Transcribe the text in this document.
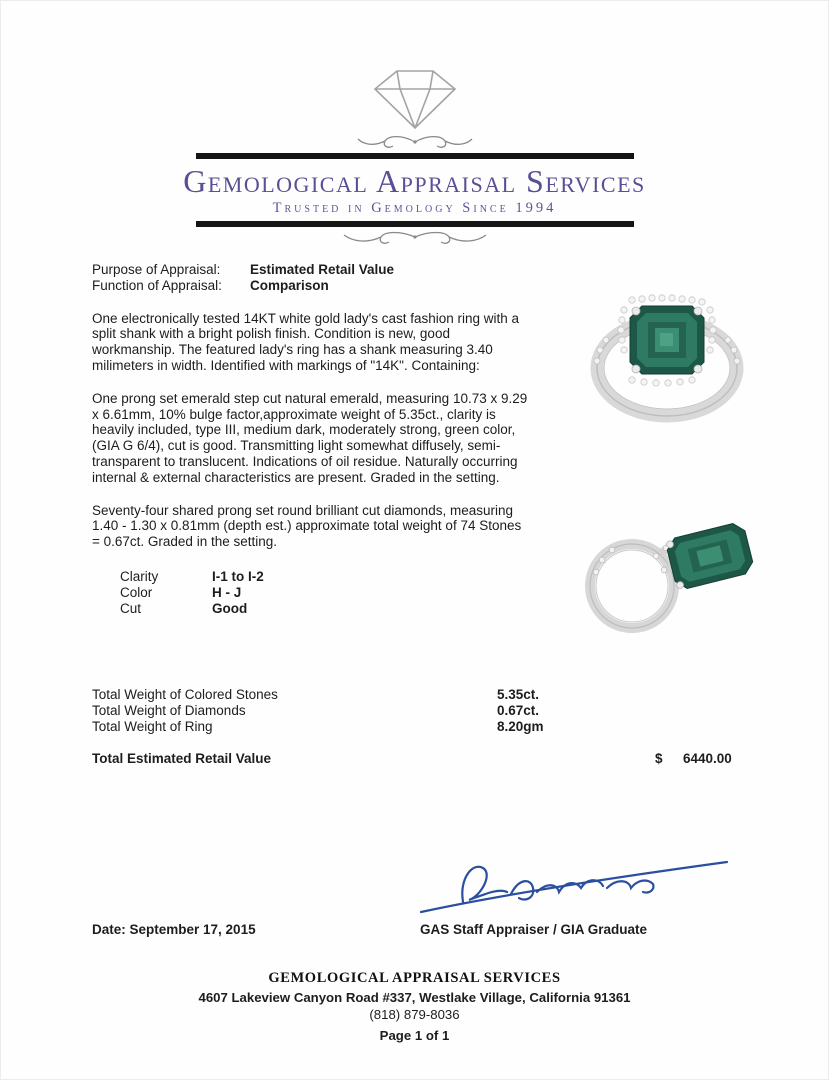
Gemological Appraisal Services
Trusted in Gemology Since 1994
Purpose of Appraisal:	Estimated Retail Value
Function of Appraisal:	Comparison

One electronically tested 14KT white gold lady's cast fashion ring with a split shank with a bright polish finish. Condition is new, good workmanship. The featured lady's ring has a shank measuring 3.40 milimeters in width. Identified with markings of "14K". Containing:

One prong set emerald step cut natural emerald, measuring 10.73 x 9.29 x 6.61mm, 10% bulge factor,approximate weight of 5.35ct., clarity is heavily included, type III, medium dark, moderately strong, green color, (GIA G 6/4), cut is good. Transmitting light somewhat diffusely, semi-transparent to translucent. Indications of oil residue. Naturally occurring internal & external characteristics are present. Graded in the setting.

Seventy-four shared prong set round brilliant cut diamonds, measuring 1.40 - 1.30 x 0.81mm (depth est.) approximate total weight of 74 Stones = 0.67ct. Graded in the setting.

Clarity	I-1 to I-2
Color	H - J
Cut	Good
Total Weight of Colored Stones	5.35ct.
Total Weight of Diamonds	0.67ct.
Total Weight of Ring	8.20gm
Total Estimated Retail Value	$ 6440.00
Date: September 17, 2015	GAS Staff Appraiser / GIA Graduate
GEMOLOGICAL APPRAISAL SERVICES
4607 Lakeview Canyon Road #337, Westlake Village, California 91361
(818) 879-8036
Page 1 of 1
